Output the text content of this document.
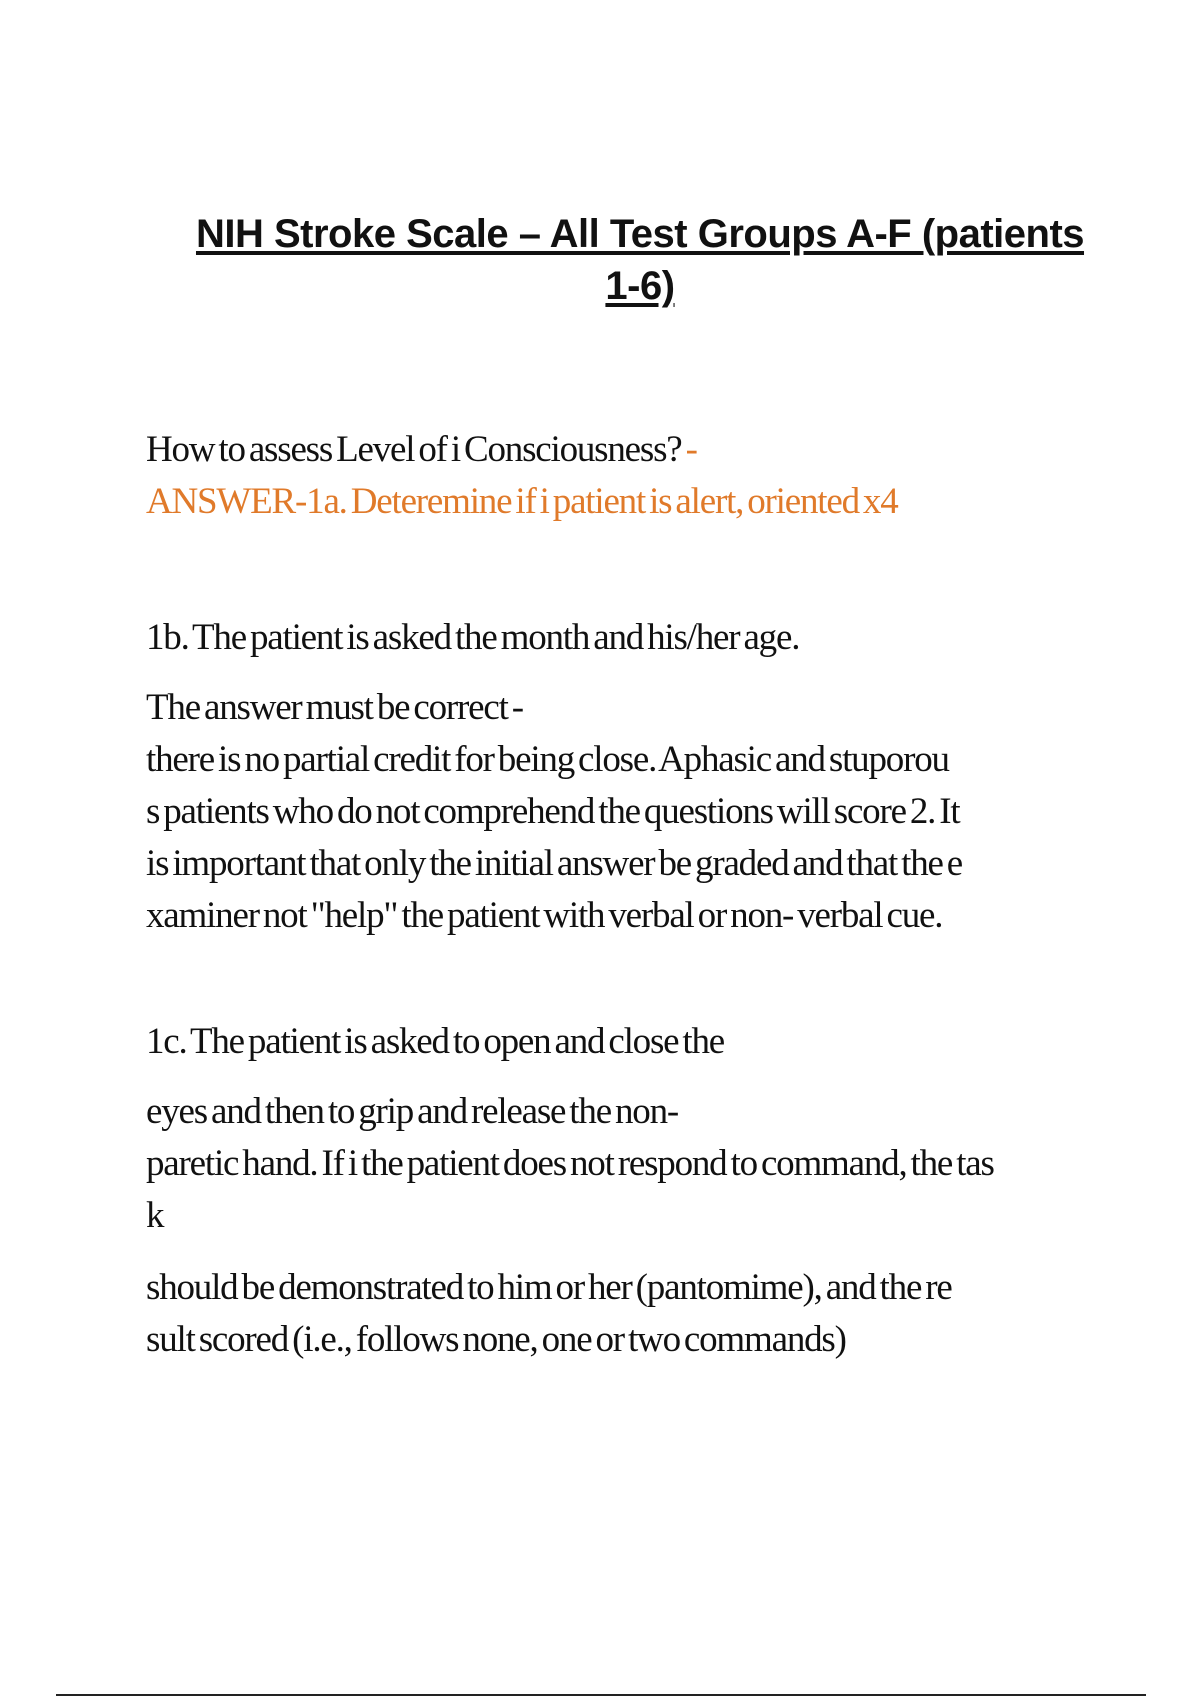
NIH Stroke Scale – All Test Groups A-F (patients
1-6)
How to assess Level of i Consciousness? -
ANSWER-1a. Deteremine if i patient is alert, oriented x4
1b. The patient is asked the month and his/her age.
The answer must be correct -
there is no partial credit for being close. Aphasic and stuporou
s patients who do not comprehend the questions will score 2. It
is important that only the initial answer be graded and that the e
xaminer not "help" the patient with verbal or non- verbal cue.
1c. The patient is asked to open and close the
eyes and then to grip and release the non-
paretic hand. If i the patient does not respond to command, the tas
k
should be demonstrated to him or her (pantomime), and the re
sult scored (i.e., follows none, one or two commands)
